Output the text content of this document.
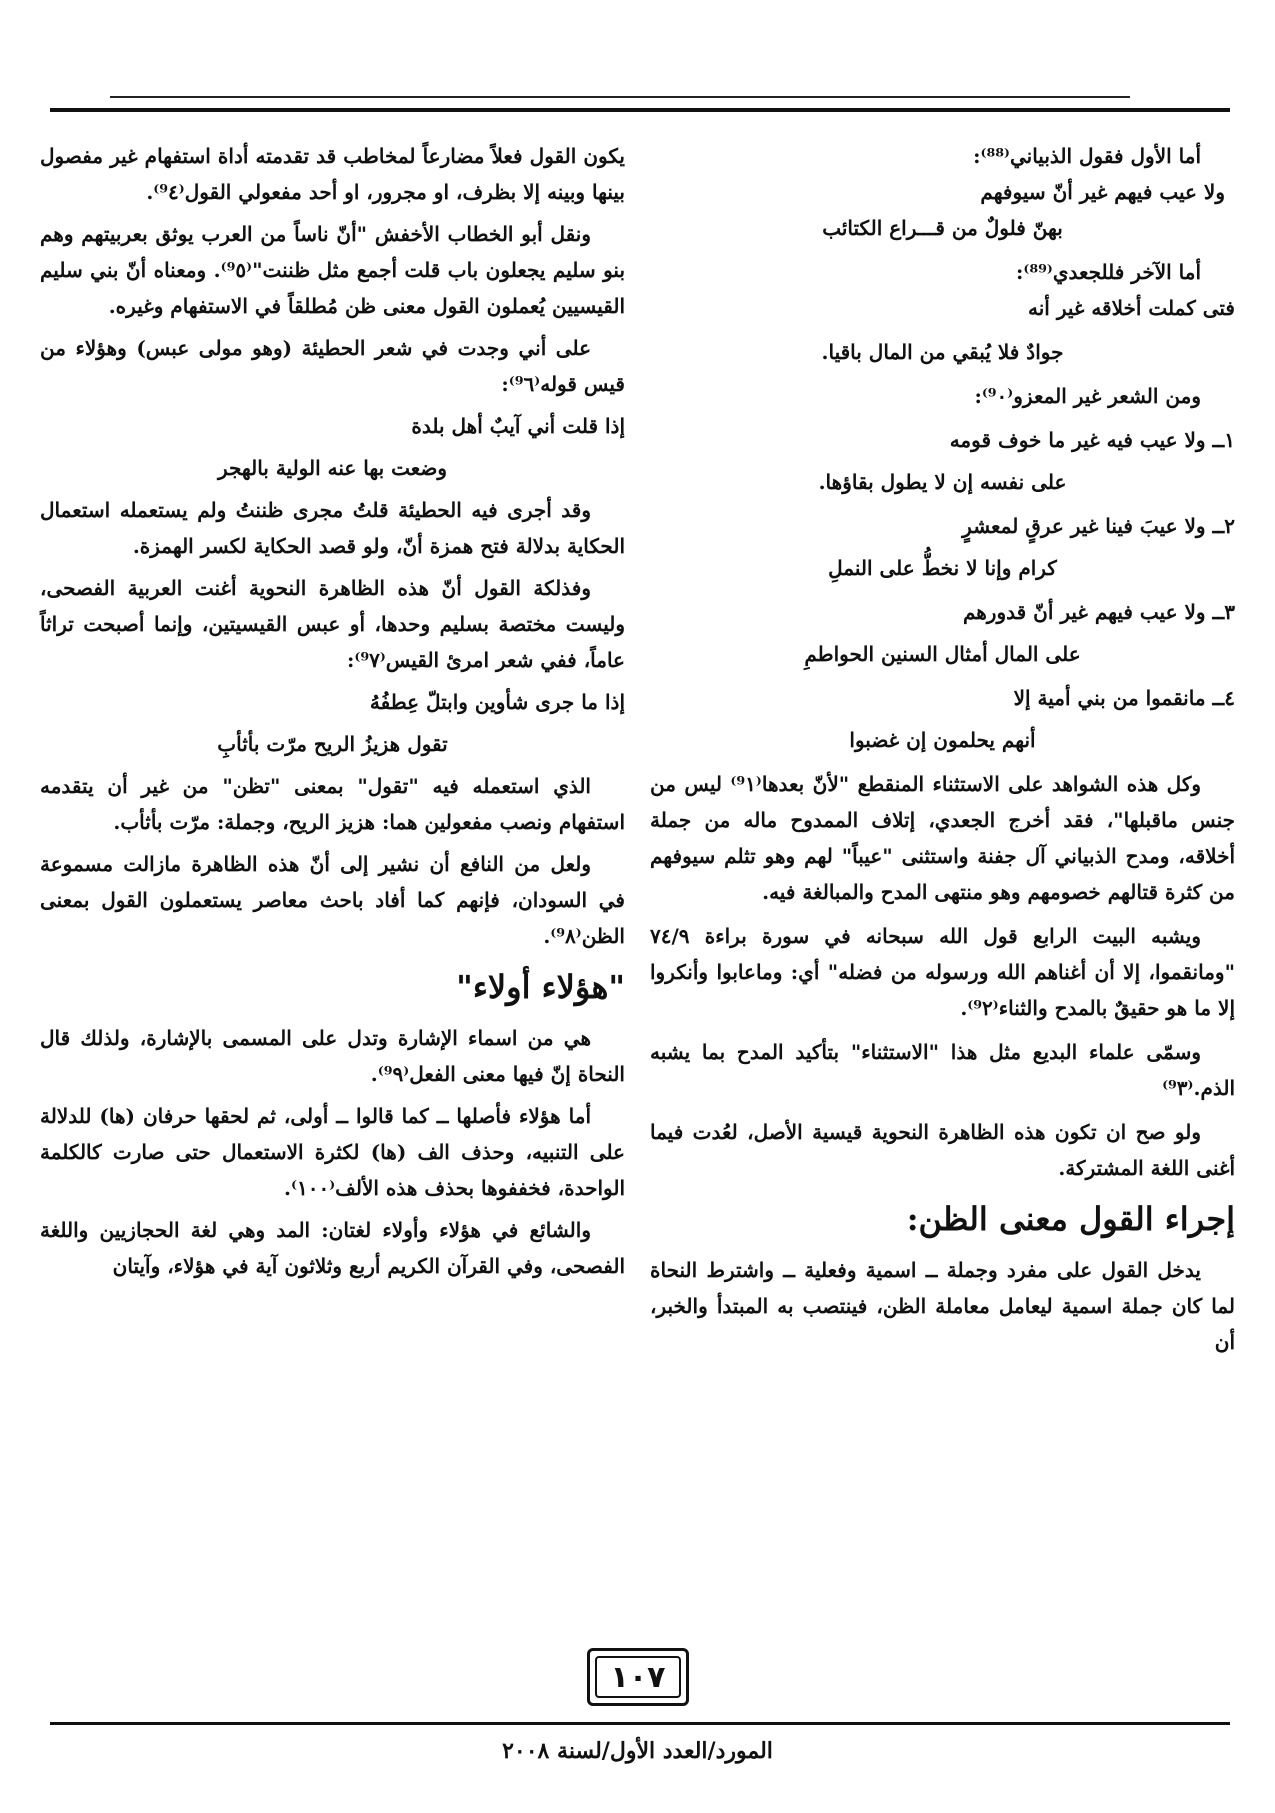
أما الأول فقول الذبياني⁽⁸⁸⁾:

ولا عيب فيهم غير أنّ سيوفهم

بهنّ فلولٌ من قـــراع الكتائب

أما الآخر فللجعدي⁽⁸⁹⁾:

فتى كملت أخلاقه غير أنه

جوادٌ فلا يُبقي من المال باقيا.

ومن الشعر غير المعزو⁽⁹٠⁾:

١ــ ولا عيب فيه غير ما خوف قومه

على نفسه إن لا يطول بقاؤها.

٢ــ ولا عيبَ فينا غير عرقٍ لمعشرٍ

كرام وإنا لا نخطُّ على النملِ

٣ــ ولا عيب فيهم غير أنّ قدورهم

على المال أمثال السنين الحواطمِ

٤ــ مانقموا من بني أمية إلا

أنهم يحلمون إن غضبوا

وكل هذه الشواهد على الاستثناء المنقطع "لأنّ بعدها⁽⁹١⁾ ليس من جنس ماقبلها"، فقد أخرج الجعدي، إتلاف الممدوح ماله من جملة أخلاقه، ومدح الذبياني آل جفنة واستثنى "عيباً" لهم وهو تثلم سيوفهم من كثرة قتالهم خصومهم وهو منتهى المدح والمبالغة فيه.

ويشبه البيت الرابع قول الله سبحانه في سورة براءة ٧٤/٩ "ومانقموا، إلا أن أغناهم الله ورسوله من فضله" أي: وماعابوا وأنكروا إلا ما هو حقيقٌ بالمدح والثناء⁽⁹٢⁾.

وسمّى علماء البديع مثل هذا "الاستثناء" بتأكيد المدح بما يشبه الذم.⁽⁹٣⁾

ولو صح ان تكون هذه الظاهرة النحوية قيسية الأصل، لعُدت فيما أغنى اللغة المشتركة.

إجراء القول معنى الظن:

يدخل القول على مفرد وجملة ــ اسمية وفعلية ــ واشترط النحاة لما كان جملة اسمية ليعامل معاملة الظن، فينتصب به المبتدأ والخبر، أن

يكون القول فعلاً مضارعاً لمخاطب قد تقدمته أداة استفهام غير مفصول بينها وبينه إلا بظرف، او مجرور، او أحد مفعولي القول⁽⁹٤⁾.

ونقل أبو الخطاب الأخفش "أنّ ناساً من العرب يوثق بعربيتهم وهم بنو سليم يجعلون باب قلت أجمع مثل ظننت"⁽⁹٥⁾. ومعناه أنّ بني سليم القيسيين يُعملون القول معنى ظن مُطلقاً في الاستفهام وغيره.

على أني وجدت في شعر الحطيئة (وهو مولى عبس) وهؤلاء من قيس قوله⁽⁹٦⁾:

إذا قلت أني آيبٌ أهل بلدة

وضعت بها عنه الولية بالهجر

وقد أجرى فيه الحطيئة قلتُ مجرى ظننتُ ولم يستعمله استعمال الحكاية بدلالة فتح همزة أنّ، ولو قصد الحكاية لكسر الهمزة.

وفذلكة القول أنّ هذه الظاهرة النحوية أغنت العربية الفصحى، وليست مختصة بسليم وحدها، أو عبس القيسيتين، وإنما أصبحت تراثاً عاماً، ففي شعر امرئ القيس⁽⁹٧⁾:

إذا ما جرى شأوين وابتلّ عِطفُهُ

تقول هزيزُ الريح مرّت بأثأبِ

الذي استعمله فيه "تقول" بمعنى "تظن" من غير أن يتقدمه استفهام ونصب مفعولين هما: هزيز الريح، وجملة: مرّت بأثأب.

ولعل من النافع أن نشير إلى أنّ هذه الظاهرة مازالت مسموعة في السودان، فإنهم كما أفاد باحث معاصر يستعملون القول بمعنى الظن⁽⁹٨⁾.

"هؤلاء أولاء"

هي من اسماء الإشارة وتدل على المسمى بالإشارة، ولذلك قال النحاة إنّ فيها معنى الفعل⁽⁹٩⁾.

أما هؤلاء فأصلها ــ كما قالوا ــ أولى، ثم لحقها حرفان (ها) للدلالة على التنبيه، وحذف الف (ها) لكثرة الاستعمال حتى صارت كالكلمة الواحدة، فخففوها بحذف هذه الألف⁽١٠٠⁾.

والشائع في هؤلاء وأولاء لغتان: المد وهي لغة الحجازيين واللغة الفصحى، وفي القرآن الكريم أربع وثلاثون آية في هؤلاء، وآيتان

١٠٧
المورد/العدد الأول/لسنة ٢٠٠٨
